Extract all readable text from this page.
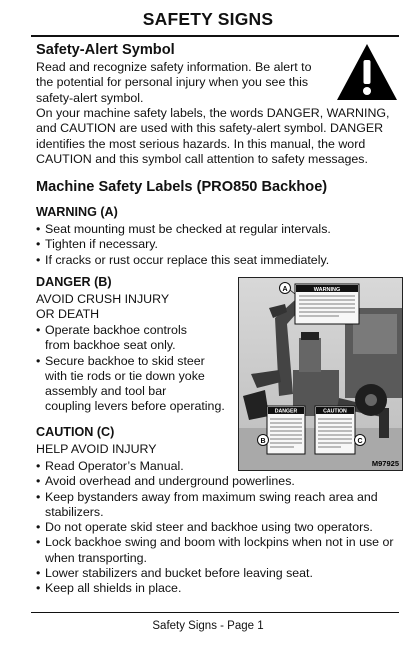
SAFETY SIGNS
Safety-Alert Symbol
Read and recognize safety information. Be alert to
the potential for personal injury when you see this
safety-alert symbol.
On your machine safety labels, the words DANGER, WARNING,
and CAUTION are used with this safety-alert symbol. DANGER
identifies the most serious hazards. In this manual, the word
CAUTION and this symbol call attention to safety messages.
Machine Safety Labels (PRO850 Backhoe)
WARNING (A)
• Seat mounting must be checked at regular intervals.
• Tighten if necessary.
• If cracks or rust occur replace this seat immediately.
DANGER (B)
AVOID CRUSH INJURY
OR DEATH
• Operate backhoe controls
from backhoe seat only.
• Secure backhoe to skid steer
with tie rods or tie down yoke
assembly and tool bar
coupling levers before operating.
CAUTION (C)
HELP AVOID INJURY
• Read Operator’s Manual.
• Avoid overhead and underground powerlines.
• Keep bystanders away from maximum swing reach area and
stabilizers.
• Do not operate skid steer and backhoe using two operators.
• Lock backhoe swing and boom with lockpins when not in use or
when transporting.
• Lower stabilizers and bucket before leaving seat.
• Keep all shields in place.
WARNING
A
DANGER	CAUTION
B	C
M97925
Safety Signs - Page 1
